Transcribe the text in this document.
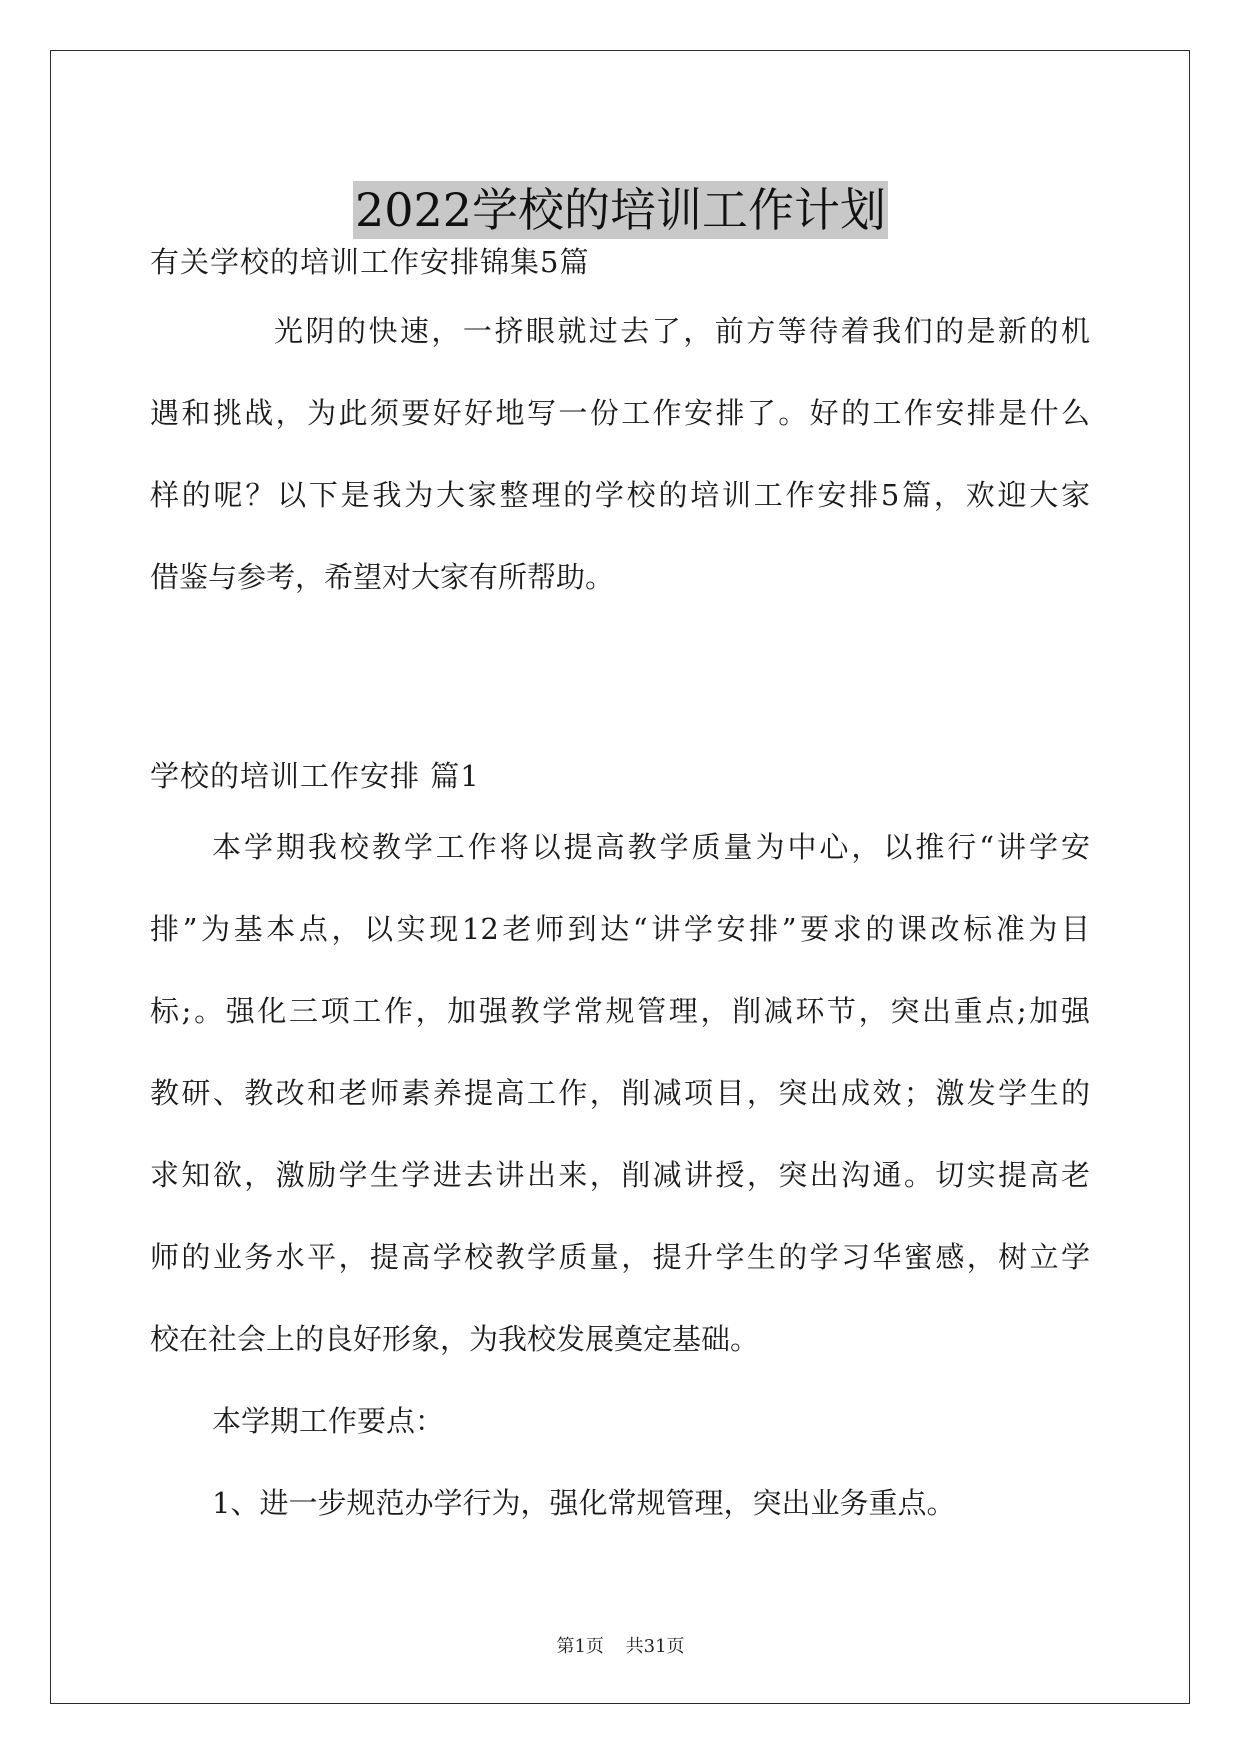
2022学校的培训工作计划
有关学校的培训工作安排锦集5篇
光阴的快速，一挤眼就过去了，前方等待着我们的是新的机
遇和挑战，为此须要好好地写一份工作安排了。好的工作安排是什么
样的呢？以下是我为大家整理的学校的培训工作安排5篇，欢迎大家
借鉴与参考，希望对大家有所帮助。
学校的培训工作安排 篇1
本学期我校教学工作将以提高教学质量为中心，以推行“讲学安
排”为基本点，以实现12老师到达“讲学安排”要求的课改标准为目
标;。强化三项工作，加强教学常规管理，削减环节，突出重点;加强
教研、教改和老师素养提高工作，削减项目，突出成效；激发学生的
求知欲，激励学生学进去讲出来，削减讲授，突出沟通。切实提高老
师的业务水平，提高学校教学质量，提升学生的学习华蜜感，树立学
校在社会上的良好形象，为我校发展奠定基础。
本学期工作要点：
1、进一步规范办学行为，强化常规管理，突出业务重点。
第1页 共31页
